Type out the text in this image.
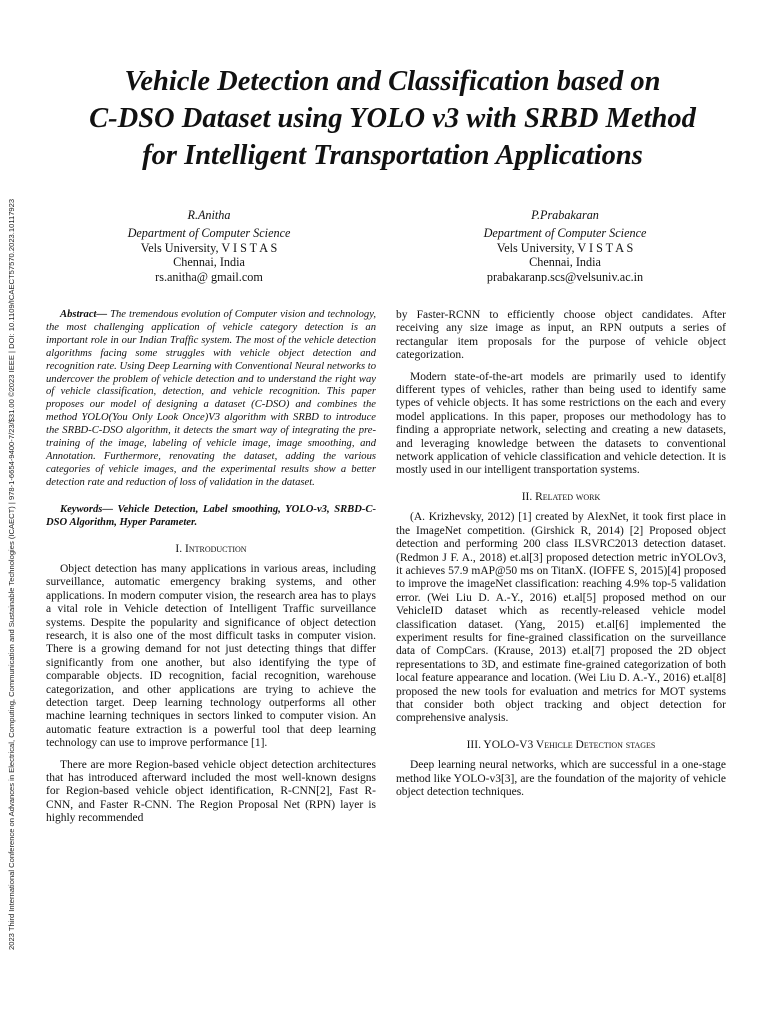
2023 Third International Conference on Advances in Electrical, Computing, Communication and Sustainable Technologies (ICAECT) | 978-1-6654-9400-7/23/$31.00 ©2023 IEEE | DOI: 10.1109/ICAECT57570.2023.10117923
Vehicle Detection and Classification based on
C-DSO Dataset using YOLO v3 with SRBD Method
for Intelligent Transportation Applications
R.Anitha
Department of Computer Science
Vels University, V I S T A S
Chennai, India
rs.anitha@ gmail.com
P.Prabakaran
Department of Computer Science
Vels University, V I S T A S
Chennai, India
prabakaranp.scs@velsuniv.ac.in

Abstract— The tremendous evolution of Computer vision and technology, the most challenging application of vehicle category detection is an important role in our Indian Traffic system. The most of the vehicle detection algorithms facing some struggles with vehicle object detection and recognition rate. Using Deep Learning with Conventional Neural networks to undercover the problem of vehicle detection and to understand the right way of vehicle classification, detection, and vehicle recognition. This paper proposes our model of designing a dataset (C-DSO) and combines the method YOLO(You Only Look Once)V3 algorithm with SRBD to introduce the SRBD-C-DSO algorithm, it detects the smart way of integrating the pre-training of the image, labeling of vehicle image, image smoothing, and Annotation. Furthermore, renovating the dataset, adding the various categories of vehicle images, and the experimental results show a better detection rate and reduction of loss of validation in the dataset.

Keywords— Vehicle Detection, Label smoothing, YOLO-v3, SRBD-C-DSO Algorithm, Hyper Parameter.

I. Introduction

Object detection has many applications in various areas, including surveillance, automatic emergency braking systems, and other applications. In modern computer vision, the research area has to plays a vital role in Vehicle detection of Intelligent Traffic surveillance systems. Despite the popularity and significance of object detection research, it is also one of the most difficult tasks in computer vision. There is a growing demand for not just detecting things that differ significantly from one another, but also identifying the type of comparable objects. ID recognition, facial recognition, warehouse categorization, and other applications are trying to achieve the detection target. Deep learning technology outperforms all other machine learning techniques in sectors linked to computer vision. An automatic feature extraction is a powerful tool that deep learning technology can use to improve performance [1].

There are more Region-based vehicle object detection architectures that has introduced afterward included the most well-known designs for Region-based vehicle object identification, R-CNN[2], Fast R- CNN, and Faster R-CNN. The Region Proposal Net (RPN) layer is highly recommended

by Faster-RCNN to efficiently choose object candidates. After receiving any size image as input, an RPN outputs a series of rectangular item proposals for the purpose of vehicle object categorization.

Modern state-of-the-art models are primarily used to identify different types of vehicles, rather than being used to identify same types of vehicle objects. It has some restrictions on the each and every model applications. In this paper, proposes our methodology has to finding a appropriate network, selecting and creating a new datasets, and leveraging knowledge between the datasets to conventional network application of vehicle classification and vehicle detection. It is mostly used in our intelligent transportation systems.

II. Related work

(A. Krizhevsky, 2012) [1] created by AlexNet, it took first place in the ImageNet competition. (Girshick R, 2014) [2] Proposed object detection and performing 200 class ILSVRC2013 detection dataset. (Redmon J F. A., 2018) et.al[3] proposed detection metric inYOLOv3, it achieves 57.9 mAP@50 ms on TitanX. (IOFFE S, 2015)[4] proposed to improve the imageNet classification: reaching 4.9% top-5 validation error. (Wei Liu D. A.-Y., 2016) et.al[5] proposed method on our VehicleID dataset which as recently-released vehicle model classification dataset. (Yang, 2015) et.al[6] implemented the experiment results for fine-grained classification on the surveillance data of CompCars. (Krause, 2013) et.al[7] proposed the 2D object representations to 3D, and estimate fine-grained categorization of both local feature appearance and location. (Wei Liu D. A.-Y., 2016) et.al[8] proposed the new tools for evaluation and metrics for MOT systems that consider both object tracking and object detection for comprehensive analysis.

III. YOLO-V3 Vehicle Detection stages

Deep learning neural networks, which are successful in a one-stage method like YOLO-v3[3], are the foundation of the majority of vehicle object detection techniques.
